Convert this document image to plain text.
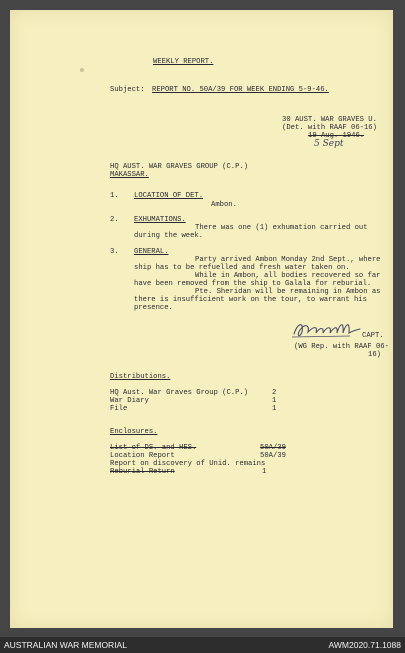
WEEKLY REPORT.
Subject: REPORT NO. 50A/39 FOR WEEK ENDING 5-9-46.
30 AUST. WAR GRAVES U.
(Det. with RAAF 06-16)
19 Aug. 1946.
5 Sept
HQ AUST. WAR GRAVES GROUP (C.P.)
MAKASSAR.
1. LOCATION OF DET.
Ambon.
2. EXHUMATIONS.
There was one (1) exhumation carried out
during the week.
3. GENERAL.
Party arrived Ambon Monday 2nd Sept., where
ship has to be refuelled and fresh water taken on.
While in Ambon, all bodies recovered so far
have been removed from the ship to Galala for reburial.
Pte. Sheridan will be remaining in Ambon as
there is insufficient work on the tour, to warrant his
presence.
CAPT.
(WG Rep. with RAAF 06-
16)
Distributions.
HQ Aust. War Graves Group (C.P.)	2
War Diary	1
File	1
Enclosures.
List of DS. and HES.	50A/39
Location Report	50A/39
Report on discovery of Unid. remains
Reburial Return	1
AUSTRALIAN WAR MEMORIAL	AWM2020.71.1088
